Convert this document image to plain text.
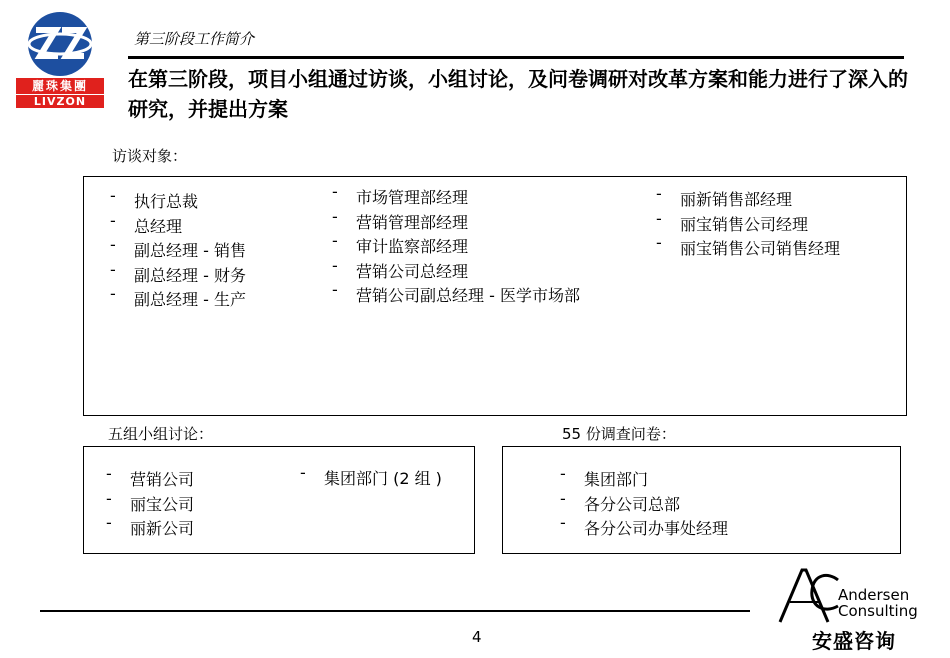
麗珠集團
LIVZON
第三阶段工作简介
在第三阶段，项目小组通过访谈，小组讨论，及问卷调研对改革方案和能力进行了深入的研究，并提出方案
访谈对象：
- 执行总裁
- 总经理
- 副总经理 - 销售
- 副总经理 - 财务
- 副总经理 - 生产
- 市场管理部经理
- 营销管理部经理
- 审计监察部经理
- 营销公司总经理
- 营销公司副总经理 - 医学市场部
- 丽新销售部经理
- 丽宝销售公司经理
- 丽宝销售公司销售经理
五组小组讨论：
- 营销公司
- 丽宝公司
- 丽新公司
- 集团部门 (2 组 )
55 份调查问卷：
- 集团部门
- 各分公司总部
- 各分公司办事处经理
4
Andersen
Consulting
安盛咨询
